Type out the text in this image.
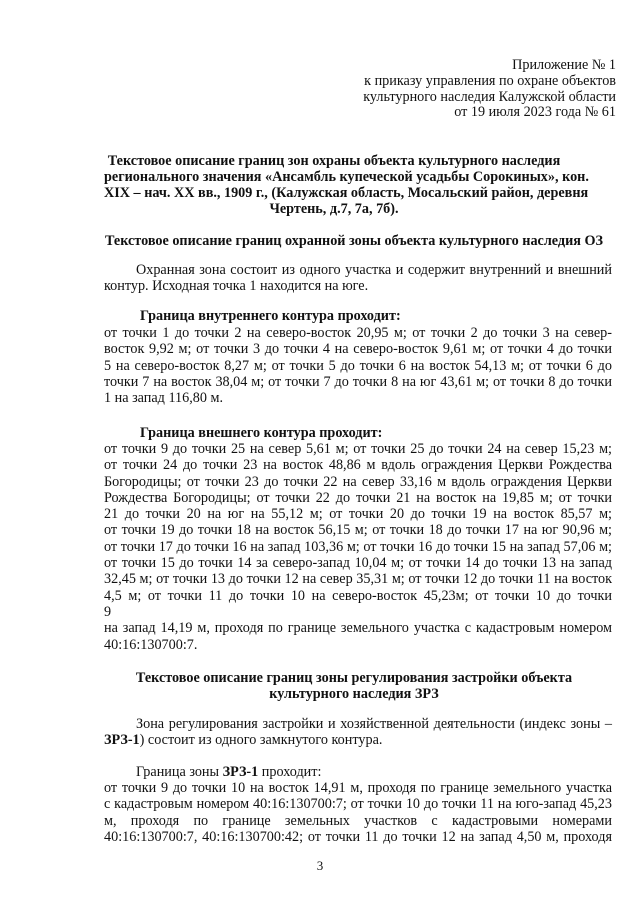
Приложение № 1
к приказу управления по охране объектов
культурного наследия Калужской области
от 19 июля 2023 года № 61
Текстовое описание границ зон охраны объекта культурного наследия
регионального значения «Ансамбль купеческой усадьбы Сорокиных», кон.
XIX – нач. XX вв., 1909 г., (Калужская область, Мосальский район, деревня
Чертень, д.7, 7а, 7б).
Текстовое описание границ охранной зоны объекта культурного наследия ОЗ
Охранная зона состоит из одного участка и содержит внутренний и внешний
контур. Исходная точка 1 находится на юге.
Граница внутреннего контура проходит:
от точки 1 до точки 2 на северо-восток 20,95 м; от точки 2 до точки 3 на север-
восток 9,92 м; от точки 3 до точки 4 на северо-восток 9,61 м; от точки 4 до точки
5 на северо-восток 8,27 м; от точки 5 до точки 6 на восток 54,13 м; от точки 6 до
точки 7 на восток 38,04 м; от точки 7 до точки 8 на юг 43,61 м; от точки 8 до точки
1 на запад 116,80 м.
Граница внешнего контура проходит:
от точки 9 до точки 25 на север 5,61 м; от точки 25 до точки 24 на север 15,23 м;
от точки 24 до точки 23 на восток 48,86 м вдоль ограждения Церкви Рождества
Богородицы; от точки 23 до точки 22 на север 33,16 м вдоль ограждения Церкви
Рождества Богородицы; от точки 22 до точки 21 на восток на 19,85 м; от точки
21 до точки 20 на юг на 55,12 м; от точки 20 до точки 19 на восток 85,57 м;
от точки 19 до точки 18 на восток 56,15 м; от точки 18 до точки 17 на юг 90,96 м;
от точки 17 до точки 16 на запад 103,36 м; от точки 16 до точки 15 на запад 57,06 м;
от точки 15 до точки 14 за северо-запад 10,04 м; от точки 14 до точки 13 на запад
32,45 м; от точки 13 до точки 12 на север 35,31 м; от точки 12 до точки 11 на восток
4,5 м; от точки 11 до точки 10 на северо-восток 45,23м; от точки 10 до точки
9
на запад 14,19 м, проходя по границе земельного участка с кадастровым номером
40:16:130700:7.
Текстовое описание границ зоны регулирования застройки объекта
культурного наследия ЗРЗ
Зона регулирования застройки и хозяйственной деятельности (индекс зоны –
ЗРЗ-1) состоит из одного замкнутого контура.
Граница зоны ЗРЗ-1 проходит:
от точки 9 до точки 10 на восток 14,91 м, проходя по границе земельного участка
с кадастровым номером 40:16:130700:7; от точки 10 до точки 11 на юго-запад 45,23
м, проходя по границе земельных участков с кадастровыми номерами
40:16:130700:7, 40:16:130700:42; от точки 11 до точки 12 на запад 4,50 м, проходя
3
